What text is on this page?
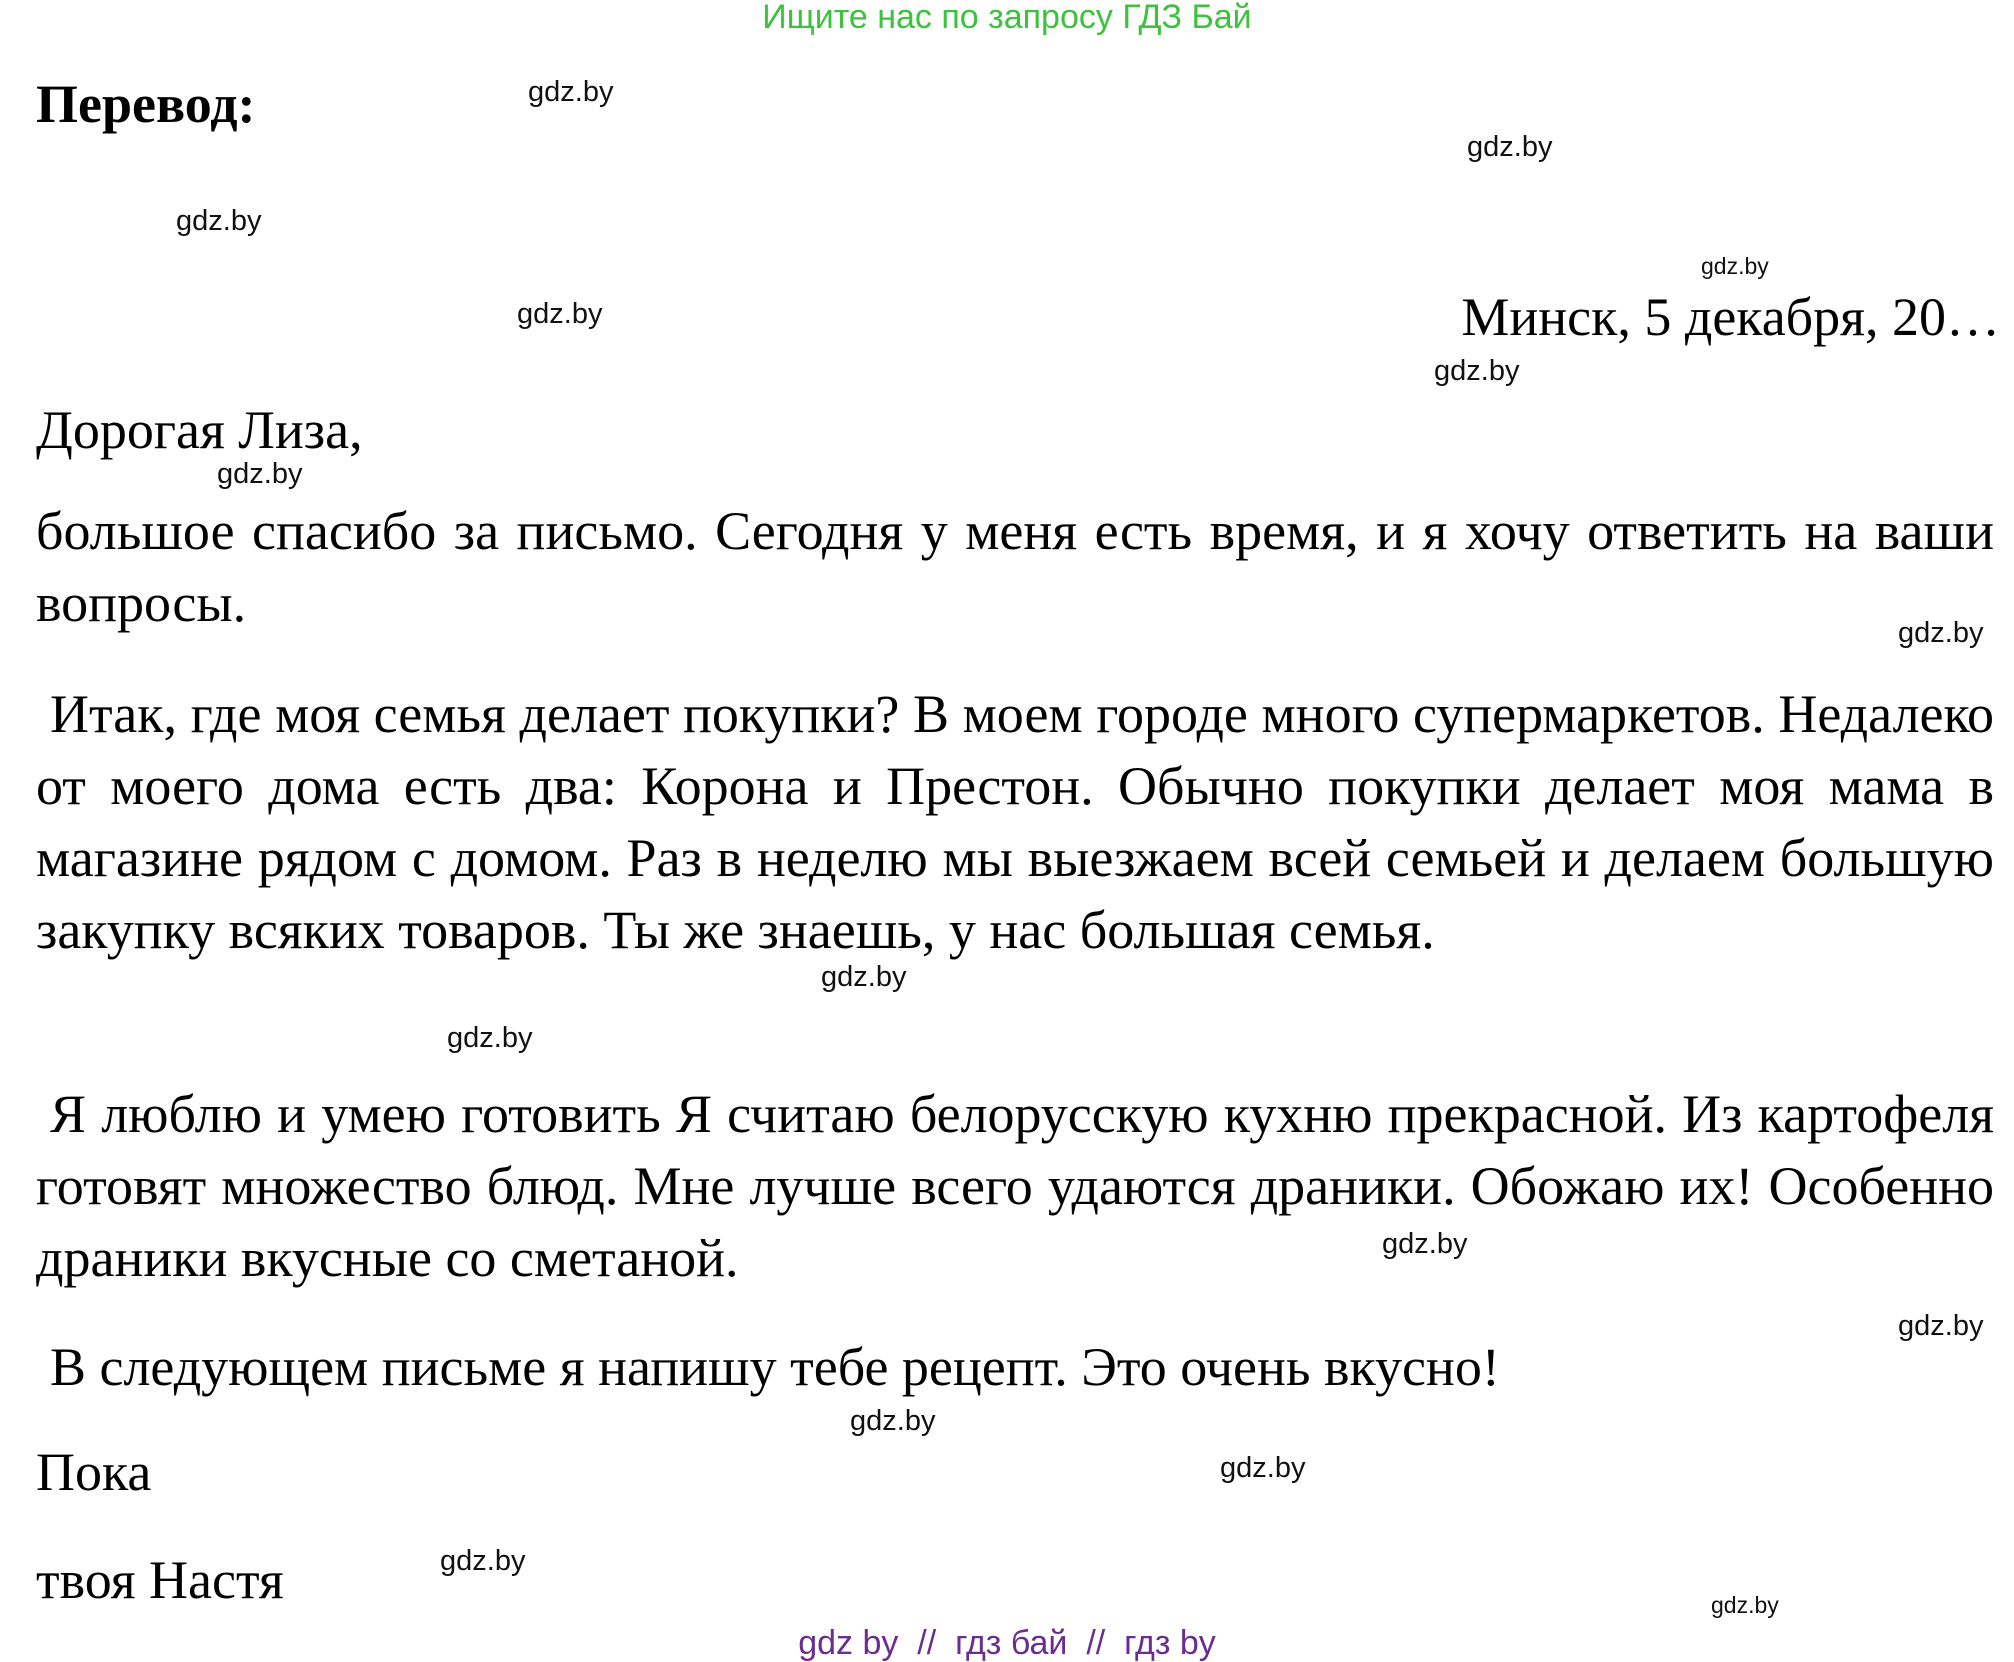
Ищите нас по запросу ГДЗ Бай
Перевод:
Минск, 5 декабря, 20…
Дорогая Лиза,

большое спасибо за письмо. Сегодня у меня есть время, и я хочу ответить на ваши вопросы.

Итак, где моя семья делает покупки? В моем городе много супермаркетов. Недалеко от моего дома есть два: Корона и Престон. Обычно покупки делает моя мама в магазине рядом с домом. Раз в неделю мы выезжаем всей семьей и делаем большую закупку всяких товаров. Ты же знаешь, у нас большая семья.

Я люблю и умею готовить Я считаю белорусскую кухню прекрасной. Из картофеля готовят множество блюд. Мне лучше всего удаются драники. Обожаю их! Особенно драники вкусные со сметаной.

В следующем письме я напишу тебе рецепт. Это очень вкусно!

Пока
твоя Настя
gdz.by
gdz.by
gdz.by
gdz.by
gdz.by
gdz.by
gdz.by
gdz.by
gdz.by
gdz.by
gdz.by
gdz.by
gdz.by
gdz.by
gdz.by
gdz.by
gdz by  //  гдз бай  //  гдз by
